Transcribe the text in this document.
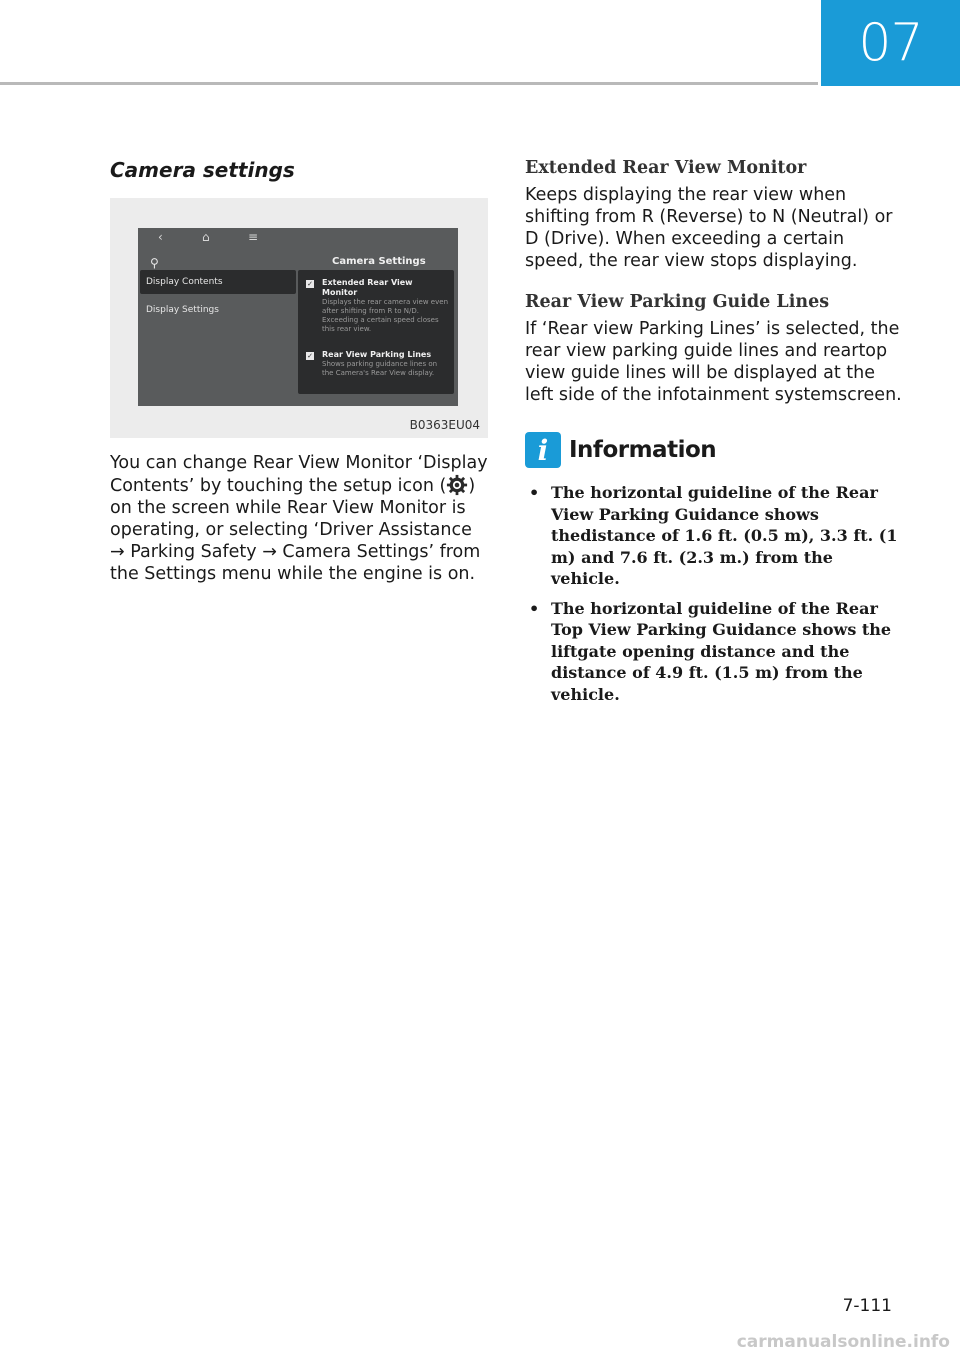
07
Camera settings
‹	⌂	≡
⚲	Camera Settings
Display Contents
Display Settings
✓ Extended Rear View Monitor
Displays the rear camera view even after shifting from R to N/D. Exceeding a certain speed closes this rear view.
✓ Rear View Parking Lines
Shows parking guidance lines on the Camera's Rear View display.
B0363EU04

You can change Rear View Monitor ‘Display Contents’ by touching the setup icon ( ) on the screen while Rear View Monitor is operating, or selecting ‘Driver Assistance → Parking Safety → Camera Settings’ from the Settings menu while the engine is on.

Extended Rear View Monitor

Keeps displaying the rear view when shifting from R (Reverse) to N (Neutral) or D (Drive). When exceeding a certain speed, the rear view stops displaying.

Rear View Parking Guide Lines

If ‘Rear view Parking Lines’ is selected, the rear view parking guide lines and reartop view guide lines will be displayed at the left side of the infotainment systemscreen.

i Information
• The horizontal guideline of the Rear View Parking Guidance shows thedistance of 1.6 ft. (0.5 m), 3.3 ft. (1 m) and 7.6 ft. (2.3 m.) from the vehicle.
• The horizontal guideline of the Rear Top View Parking Guidance shows the liftgate opening distance and the distance of 4.9 ft. (1.5 m) from the vehicle.
7-111
carmanualsonline.info
